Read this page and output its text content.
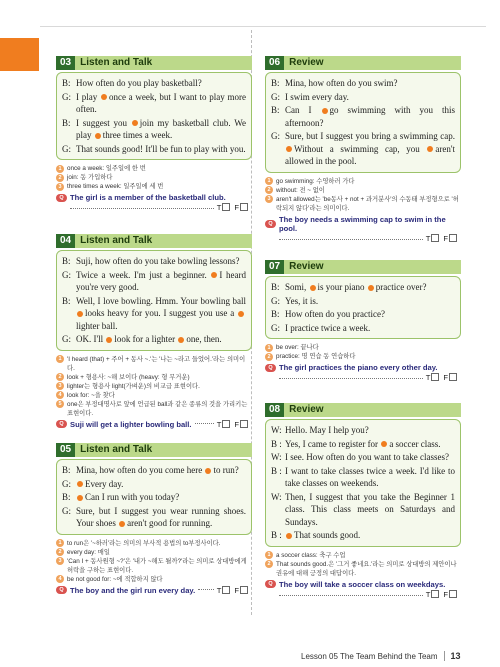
03 Listen and Talk
B: How often do you play basketball?
G: I play once a week, but I want to play more often.
B: I suggest you join my basketball club. We play three times a week.
G: That sounds good! It'll be fun to play with you.
1 once a week: 일주일에 한 번
2 join: 동 가입하다
3 three times a week: 일주일에 세 번
Q The girl is a member of the basketball club.
T F
04 Listen and Talk
B: Suji, how often do you take bowling lessons?
G: Twice a week. I'm just a beginner. I heard you're very good.
B: Well, I love bowling. Hmm. Your bowling ball looks heavy for you. I suggest you use a lighter ball.
G: OK. I'll look for a lighter one, then.
1 'I heard (that) + 주어 + 동사 ~.'는 '나는 ~라고 들었어.'라는 의미이다.
2 look + 형용사: ~해 보이다 (heavy: 형 무거운)
3 lighter는 형용사 light(가벼운)의 비교급 표현이다.
4 look for: ~을 찾다
5 one은 부정대명사로 앞에 언급된 ball과 같은 종류의 것을 가리키는 표현이다.
Q Suji will get a lighter bowling ball.	T F
05 Listen and Talk
B: Mina, how often do you come here to run?
G:	Every day.
B:	Can I run with you today?
G: Sure, but I suggest you wear running shoes. Your shoes aren't good for running.
1 to run은 '~하러'라는 의미의 부사적 용법의 to부정사이다.
2 every day: 매일
3 'Can I + 동사원형 ~?'은 '내가 ~해도 될까?'라는 의미로 상대방에게 허락을 구하는 표현이다.
4 be not good for: ~에 적합하지 않다
Q The boy and the girl run every day.	T F
06 Review
B: Mina, how often do you swim?
G: I swim every day.
B: Can I go swimming with you this afternoon?
G: Sure, but I suggest you bring a swimming cap. Without a swimming cap, you aren't allowed in the pool.
1 go swimming: 수영하러 가다
2 without: 전 ~ 없이
3 aren't allowed는 'be동사 + not + 과거분사'의 수동태 부정형으로 '허락되지 않다'라는 의미이다.
Q The boy needs a swimming cap to swim in the pool.
T F
07 Review
B: Somi, is your piano practice over?
G: Yes, it is.
B: How often do you practice?
G: I practice twice a week.
1 be over: 끝나다
2 practice: 명 연습 동 연습하다
Q The girl practices the piano every other day.
T F
08 Review
W: Hello. May I help you?
B : Yes, I came to register for a soccer class.
W: I see. How often do you want to take classes?
B : I want to take classes twice a week. I'd like to take classes on weekends.
W: Then, I suggest that you take the Beginner 1 class. This class meets on Saturdays and Sundays.
B :	That sounds good.
1 a soccer class: 축구 수업
2 That sounds good.은 '그거 좋네요.'라는 의미로 상대방의 제안이나 권유에 대해 긍정의 대답이다.
Q The boy will take a soccer class on weekdays.
T F
Lesson 05 The Team Behind the Team 13
